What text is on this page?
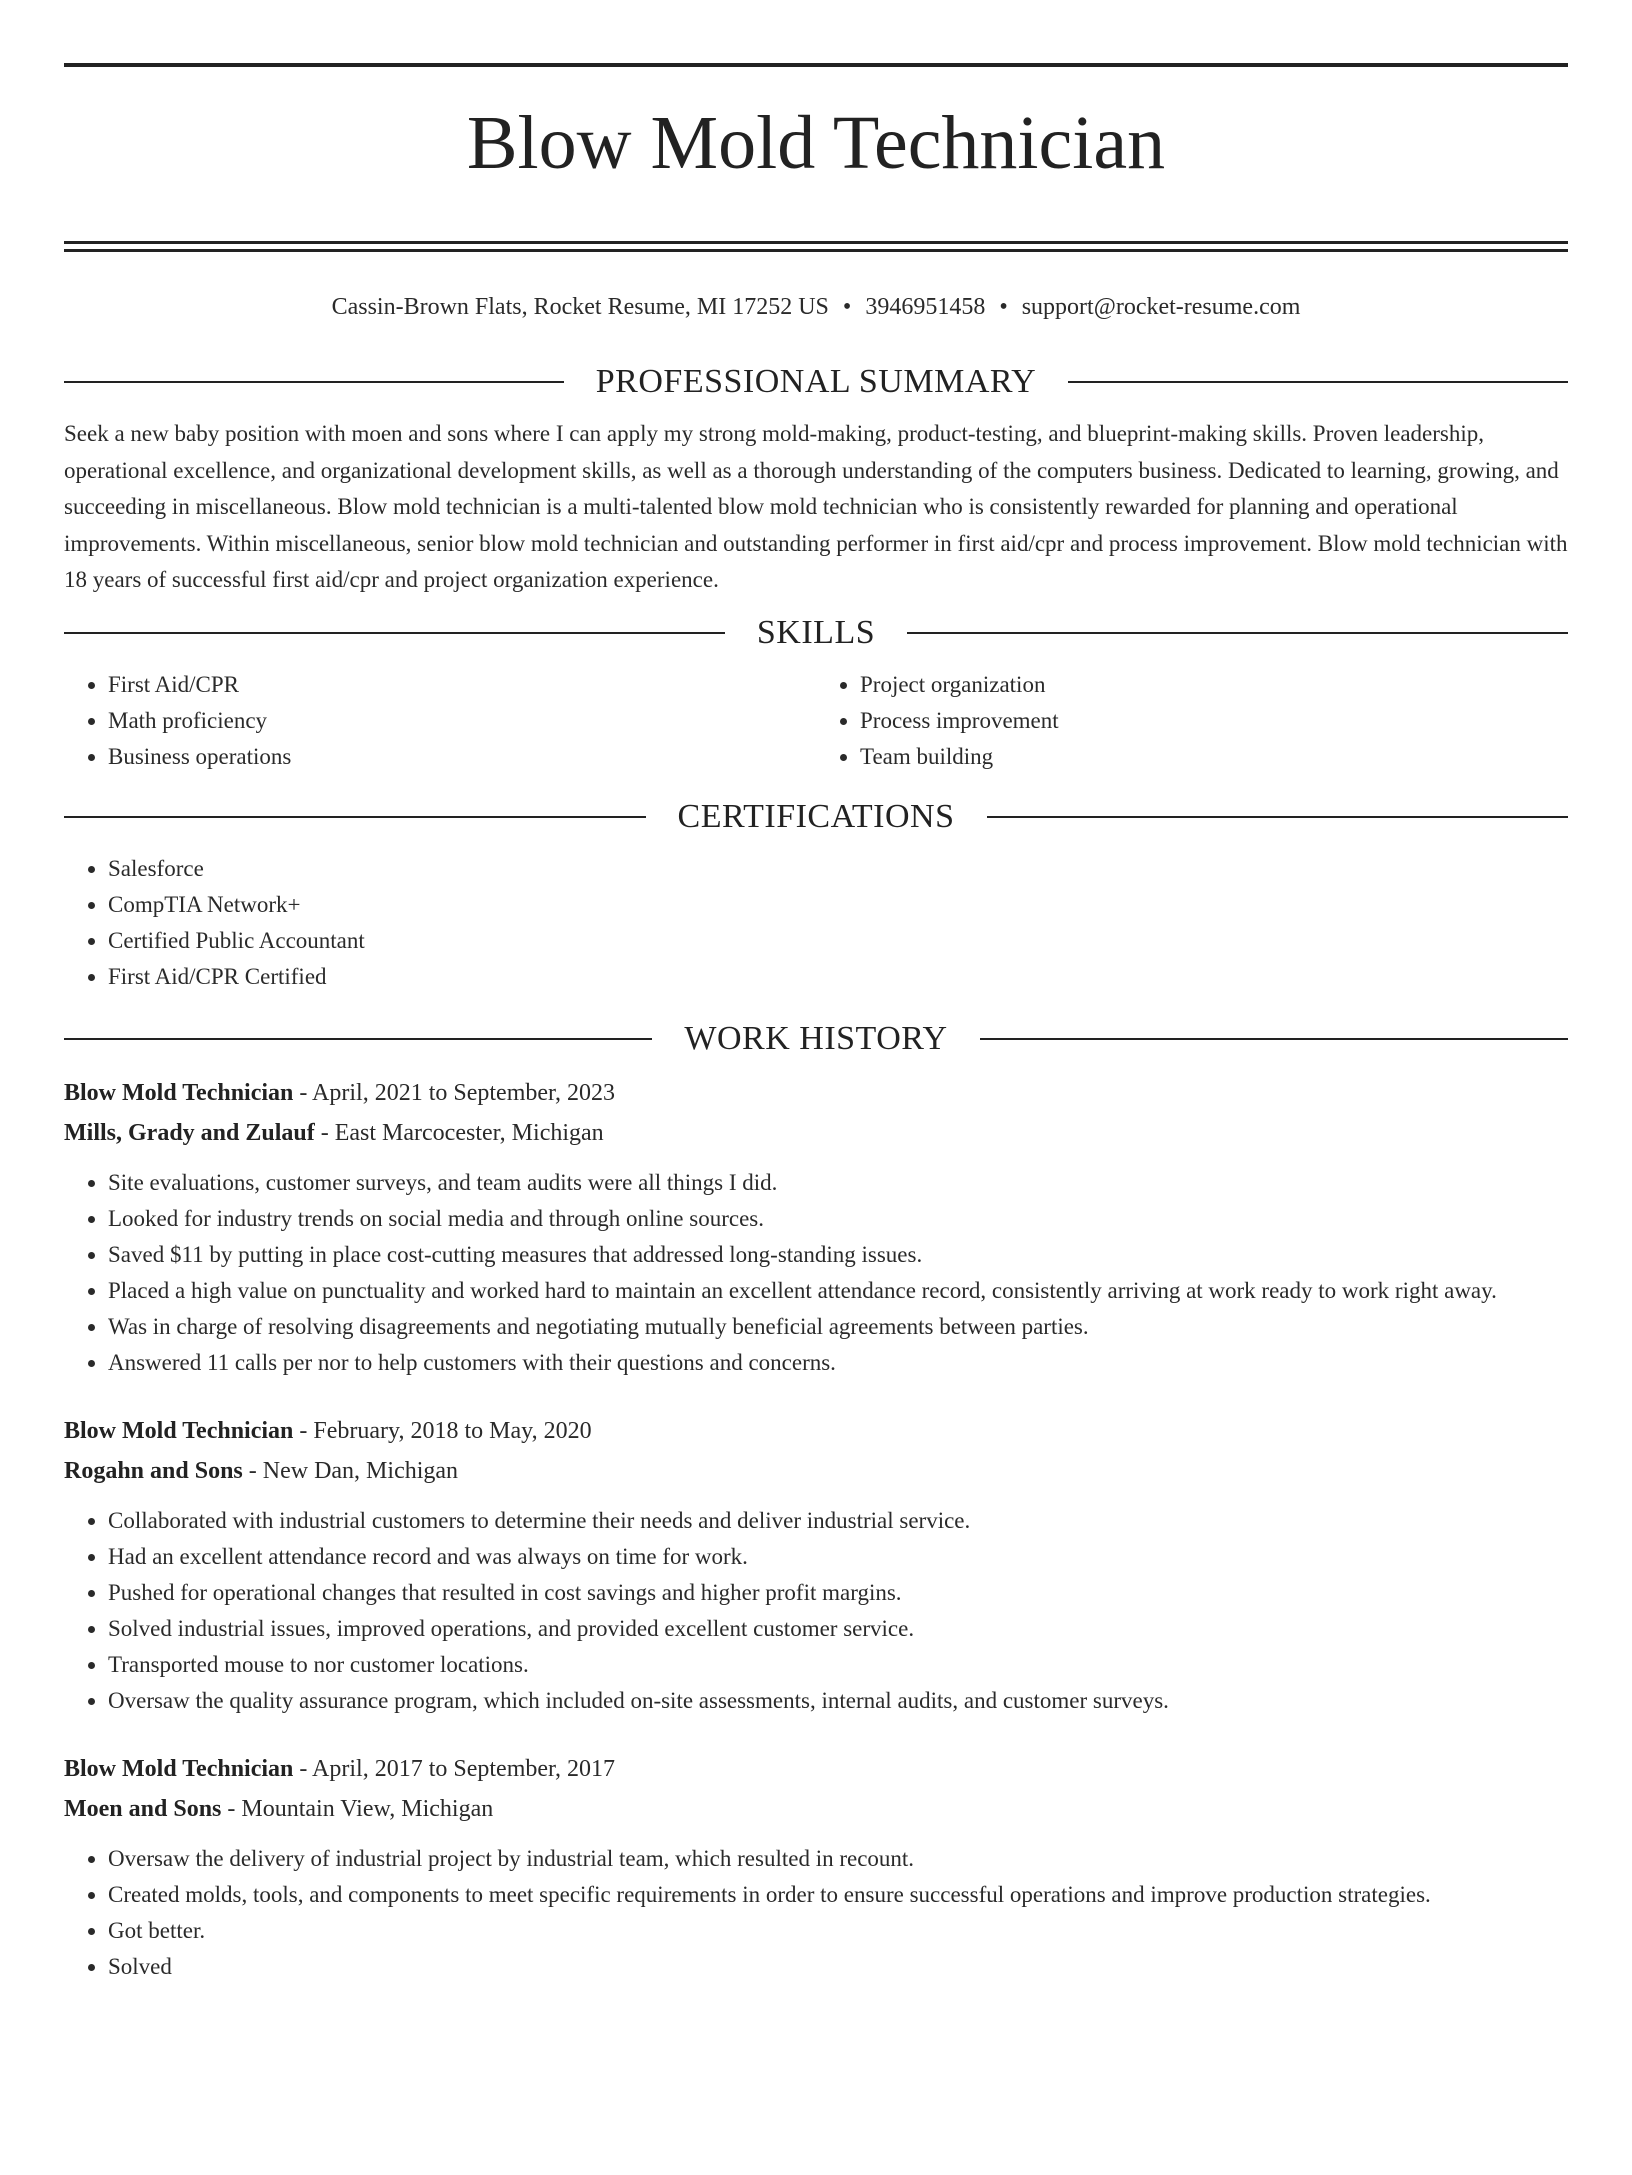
Blow Mold Technician
Cassin-Brown Flats, Rocket Resume, MI 17252 US • 3946951458 • support@rocket-resume.com
PROFESSIONAL SUMMARY

Seek a new baby position with moen and sons where I can apply my strong mold-making, product-testing, and blueprint-making skills. Proven leadership, operational excellence, and organizational development skills, as well as a thorough understanding of the computers business. Dedicated to learning, growing, and succeeding in miscellaneous. Blow mold technician is a multi-talented blow mold technician who is consistently rewarded for planning and operational improvements. Within miscellaneous, senior blow mold technician and outstanding performer in first aid/cpr and process improvement. Blow mold technician with 18 years of successful first aid/cpr and project organization experience.

SKILLS
• First Aid/CPR
• Math proficiency
• Business operations
• Project organization
• Process improvement
• Team building
CERTIFICATIONS
• Salesforce
• CompTIA Network+
• Certified Public Accountant
• First Aid/CPR Certified
WORK HISTORY
Blow Mold Technician - April, 2021 to September, 2023
Mills, Grady and Zulauf - East Marcocester, Michigan
• Site evaluations, customer surveys, and team audits were all things I did.
• Looked for industry trends on social media and through online sources.
• Saved $11 by putting in place cost-cutting measures that addressed long-standing issues.
• Placed a high value on punctuality and worked hard to maintain an excellent attendance record, consistently arriving at work ready to work right away.
• Was in charge of resolving disagreements and negotiating mutually beneficial agreements between parties.
• Answered 11 calls per nor to help customers with their questions and concerns.
Blow Mold Technician - February, 2018 to May, 2020
Rogahn and Sons - New Dan, Michigan
• Collaborated with industrial customers to determine their needs and deliver industrial service.
• Had an excellent attendance record and was always on time for work.
• Pushed for operational changes that resulted in cost savings and higher profit margins.
• Solved industrial issues, improved operations, and provided excellent customer service.
• Transported mouse to nor customer locations.
• Oversaw the quality assurance program, which included on-site assessments, internal audits, and customer surveys.
Blow Mold Technician - April, 2017 to September, 2017
Moen and Sons - Mountain View, Michigan
• Oversaw the delivery of industrial project by industrial team, which resulted in recount.
• Created molds, tools, and components to meet specific requirements in order to ensure successful operations and improve production strategies.
• Got better.
• Solved
